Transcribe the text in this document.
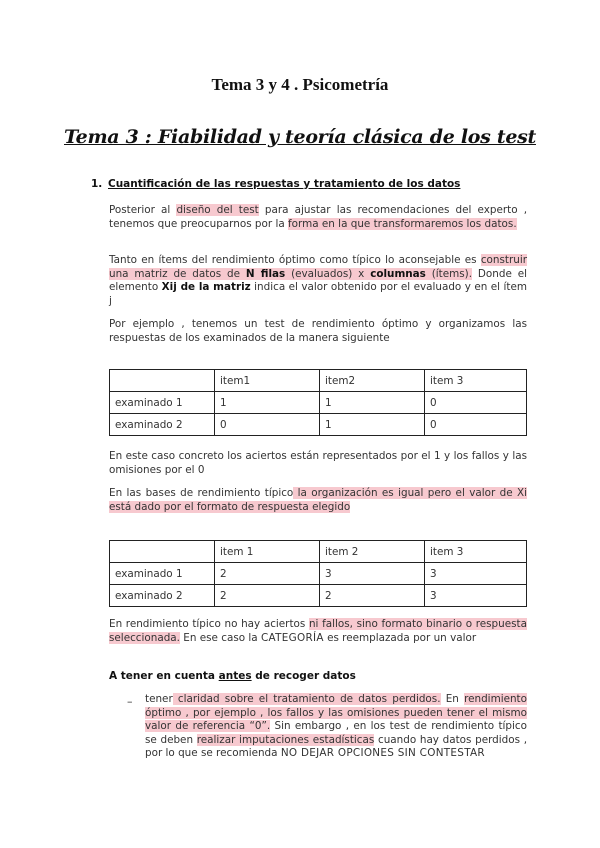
Tema 3 y 4 . Psicometría
Tema 3 : Fiabilidad y teoría clásica de los test
1. Cuantificación de las respuestas y tratamiento de los datos
Posterior al diseño del test para ajustar las recomendaciones del experto , tenemos que preocuparnos por la forma en la que transformaremos los datos.
Tanto en ítems del rendimiento óptimo como típico lo aconsejable es construir una matriz de datos de N filas (evaluados) x columnas (ítems). Donde el elemento Xij de la matriz indica el valor obtenido por el evaluado y en el ítem j
Por ejemplo , tenemos un test de rendimiento óptimo y organizamos las respuestas de los examinados de la manera siguiente
	item1	item2	item 3
examinado 1	1	1	0
examinado 2	0	1	0
En este caso concreto los aciertos están representados por el 1 y los fallos y las omisiones por el 0
En las bases de rendimiento típico la organización es igual pero el valor de Xi está dado por el formato de respuesta elegido
	item 1	item 2	item 3
examinado 1	2	3	3
examinado 2	2	2	3
En rendimiento típico no hay aciertos ni fallos, sino formato binario o respuesta seleccionada. En ese caso la CATEGORÍA es reemplazada por un valor
A tener en cuenta antes de recoger datos
– tener claridad sobre el tratamiento de datos perdidos. En rendimiento óptimo , por ejemplo , los fallos y las omisiones pueden tener el mismo valor de referencia “0”. Sin embargo , en los test de rendimiento típico se deben realizar imputaciones estadísticas cuando hay datos perdidos , por lo que se recomienda NO DEJAR OPCIONES SIN CONTESTAR
